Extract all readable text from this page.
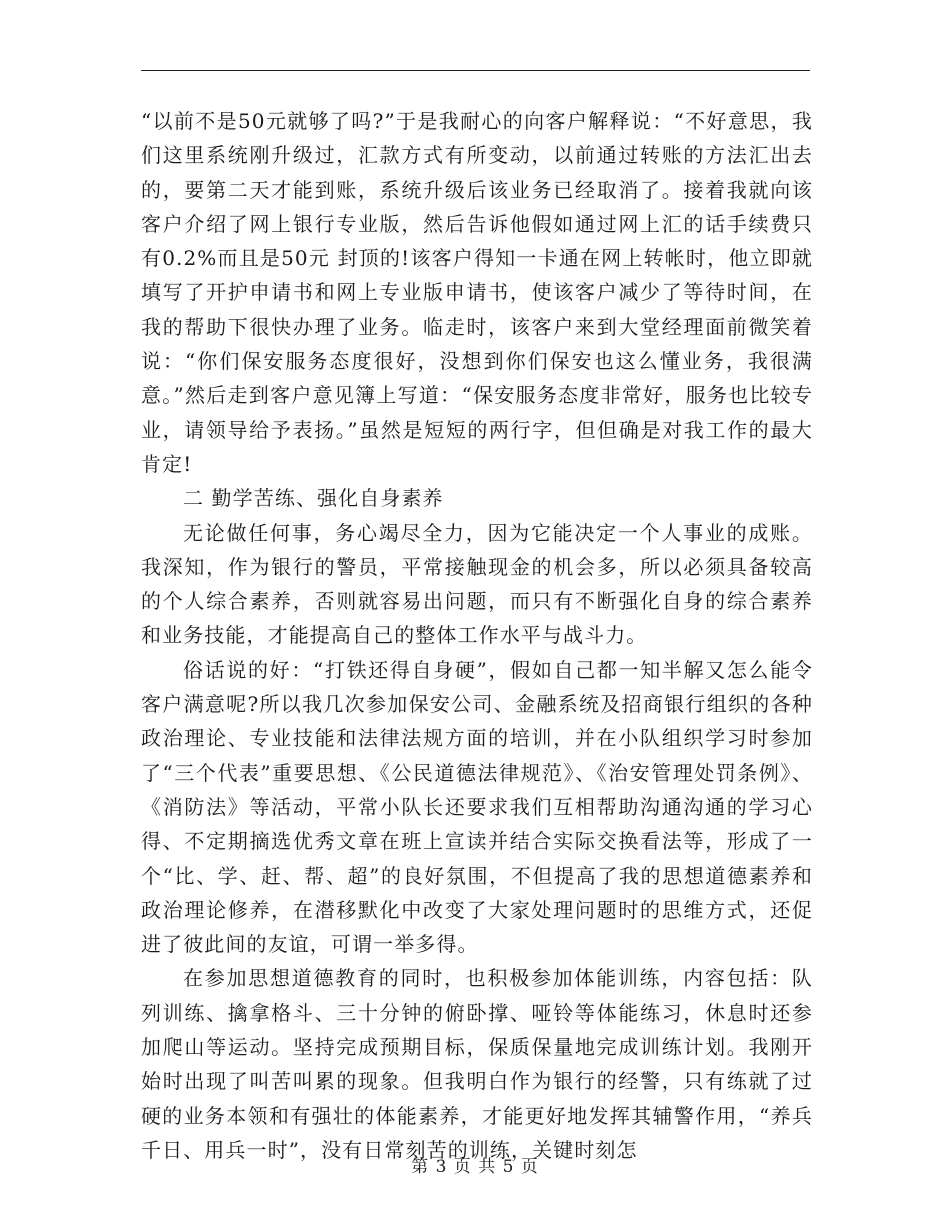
“以前不是50元就够了吗?”于是我耐心的向客户解释说：“不好意思，我们这里系统刚升级过，汇款方式有所变动，以前通过转账的方法汇出去的，要第二天才能到账，系统升级后该业务已经取消了。接着我就向该客户介绍了网上银行专业版，然后告诉他假如通过网上汇的话手续费只有0.2%而且是50元 封顶的!该客户得知一卡通在网上转帐时，他立即就填写了开护申请书和网上专业版申请书，使该客户减少了等待时间，在我的帮助下很快办理了业务。临走时，该客户来到大堂经理面前微笑着说：“你们保安服务态度很好，没想到你们保安也这么懂业务，我很满意。”然后走到客户意见簿上写道：“保安服务态度非常好，服务也比较专业，请领导给予表扬。”虽然是短短的两行字，但但确是对我工作的最大肯定!

二 勤学苦练、强化自身素养

无论做任何事，务心竭尽全力，因为它能决定一个人事业的成账。我深知，作为银行的警员，平常接触现金的机会多，所以必须具备较高的个人综合素养，否则就容易出问题，而只有不断强化自身的综合素养和业务技能，才能提高自己的整体工作水平与战斗力。

俗话说的好：“打铁还得自身硬”，假如自己都一知半解又怎么能令客户满意呢?所以我几次参加保安公司、金融系统及招商银行组织的各种政治理论、专业技能和法律法规方面的培训，并在小队组织学习时参加了“三个代表”重要思想、《公民道德法律规范》、《治安管理处罚条例》、《消防法》等活动，平常小队长还要求我们互相帮助沟通沟通的学习心得、不定期摘选优秀文章在班上宣读并结合实际交换看法等，形成了一个“比、学、赶、帮、超”的良好氛围，不但提高了我的思想道德素养和政治理论修养，在潜移默化中改变了大家处理问题时的思维方式，还促进了彼此间的友谊，可谓一举多得。

在参加思想道德教育的同时，也积极参加体能训练，内容包括：队列训练、擒拿格斗、三十分钟的俯卧撑、哑铃等体能练习，休息时还参加爬山等运动。坚持完成预期目标，保质保量地完成训练计划。我刚开始时出现了叫苦叫累的现象。但我明白作为银行的经警，只有练就了过硬的业务本领和有强壮的体能素养，才能更好地发挥其辅警作用，“养兵千日、用兵一时”，没有日常刻苦的训练，关键时刻怎

第 3 页 共 5 页
